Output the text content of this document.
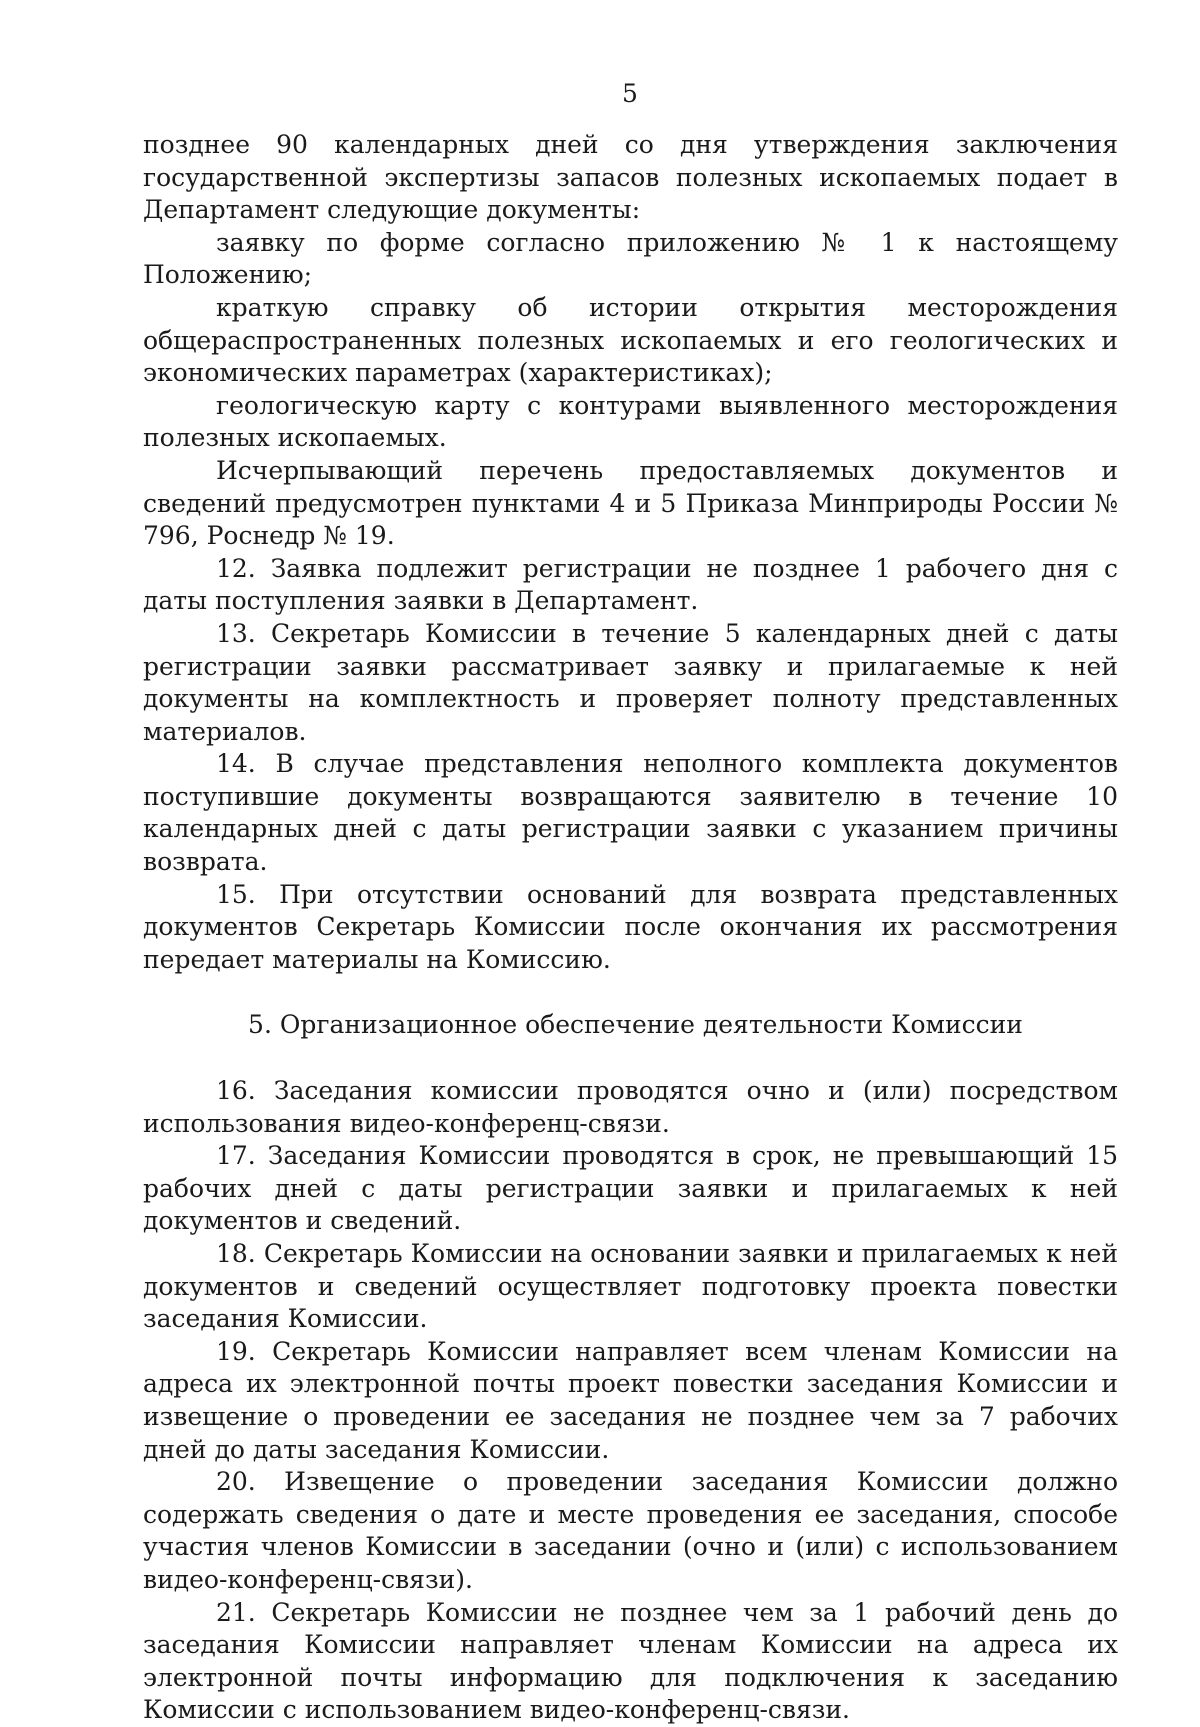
5

позднее 90 календарных дней со дня утверждения заключения государственной экспертизы запасов полезных ископаемых подает в Департамент следующие документы:

заявку по форме согласно приложению № 1 к настоящему Положению;

краткую справку об истории открытия месторождения общераспространенных полезных ископаемых и его геологических и экономических параметрах (характеристиках);

геологическую карту с контурами выявленного месторождения полезных ископаемых.

Исчерпывающий перечень предоставляемых документов и сведений предусмотрен пунктами 4 и 5 Приказа Минприроды России № 796, Роснедр № 19.

12. Заявка подлежит регистрации не позднее 1 рабочего дня с даты поступления заявки в Департамент.

13. Секретарь Комиссии в течение 5 календарных дней с даты регистрации заявки рассматривает заявку и прилагаемые к ней документы на комплектность и проверяет полноту представленных материалов.

14. В случае представления неполного комплекта документов поступившие документы возвращаются заявителю в течение 10 календарных дней с даты регистрации заявки с указанием причины возврата.

15. При отсутствии оснований для возврата представленных документов Секретарь Комиссии после окончания их рассмотрения передает материалы на Комиссию.

5. Организационное обеспечение деятельности Комиссии

16. Заседания комиссии проводятся очно и (или) посредством использования видео-конференц-связи.

17. Заседания Комиссии проводятся в срок, не превышающий 15 рабочих дней с даты регистрации заявки и прилагаемых к ней документов и сведений.

18. Секретарь Комиссии на основании заявки и прилагаемых к ней документов и сведений осуществляет подготовку проекта повестки заседания Комиссии.

19. Секретарь Комиссии направляет всем членам Комиссии на адреса их электронной почты проект повестки заседания Комиссии и извещение о проведении ее заседания не позднее чем за 7 рабочих дней до даты заседания Комиссии.

20. Извещение о проведении заседания Комиссии должно содержать сведения о дате и месте проведения ее заседания, способе участия членов Комиссии в заседании (очно и (или) с использованием видео-конференц-связи).

21. Секретарь Комиссии не позднее чем за 1 рабочий день до заседания Комиссии направляет членам Комиссии на адреса их электронной почты информацию для подключения к заседанию Комиссии с использованием видео-конференц-связи.
